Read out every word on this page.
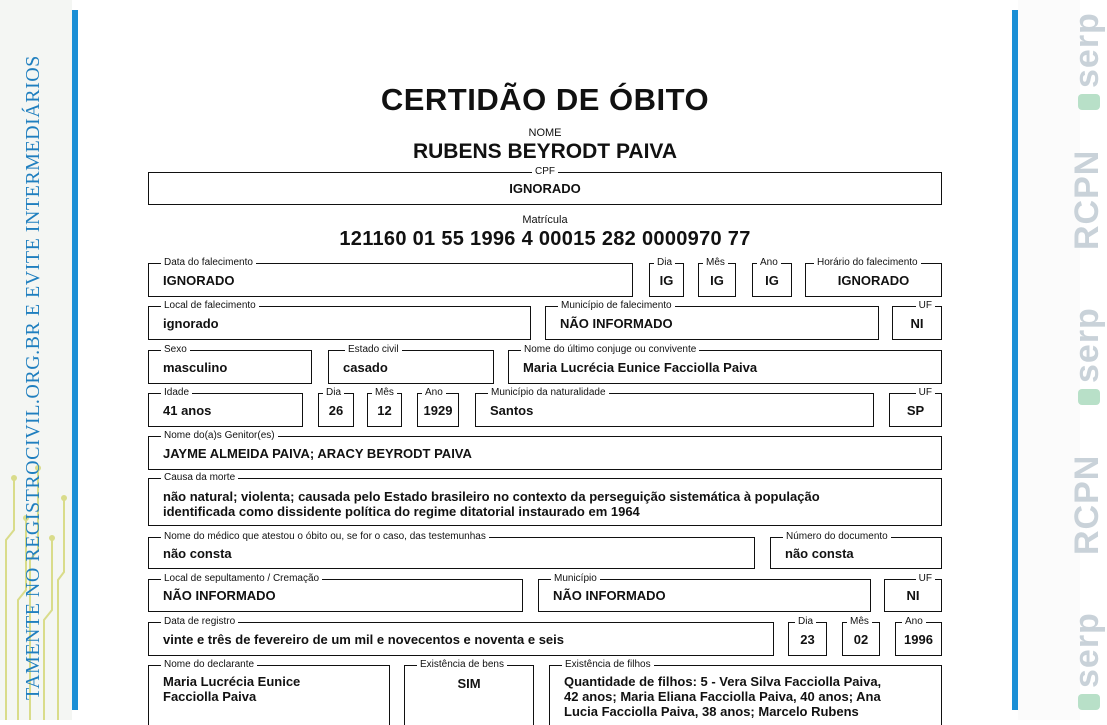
TAMENTE NO REGISTROCIVIL.ORG.BR E EVITE INTERMEDIÁRIOS
serp
RCPN
serp
RCPN
serp
CERTIDÃO DE ÓBITO
NOME
RUBENS BEYRODT PAIVA
CPF
IGNORADO
Matrícula
121160 01 55 1996 4 00015 282 0000970 77
Data do falecimento
IGNORADO
Dia
IG
Mês
IG
Ano
IG
Horário do falecimento
IGNORADO
Local de falecimento
ignorado
Município de falecimento
NÃO INFORMADO
UF
NI
Sexo
masculino
Estado civil
casado
Nome do último conjuge ou convivente
Maria Lucrécia Eunice Facciolla Paiva
Idade
41 anos
Dia
26
Mês
12
Ano
1929
Município da naturalidade
Santos
UF
SP
Nome do(a)s Genitor(es)
JAYME ALMEIDA PAIVA; ARACY BEYRODT PAIVA
Causa da morte
não natural; violenta; causada pelo Estado brasileiro no contexto da perseguição sistemática à população
identificada como dissidente política do regime ditatorial instaurado em 1964
Nome do médico que atestou o óbito ou, se for o caso, das testemunhas
não consta
Número do documento
não consta
Local de sepultamento / Cremação
NÃO INFORMADO
Município
NÃO INFORMADO
UF
NI
Data de registro
vinte e três de fevereiro de um mil e novecentos e noventa e seis
Dia
23
Mês
02
Ano
1996
Nome do declarante
Maria Lucrécia Eunice
Facciolla Paiva
Existência de bens
SIM
Existência de filhos
Quantidade de filhos: 5 - Vera Silva Facciolla Paiva,
42 anos; Maria Eliana Facciolla Paiva, 40 anos; Ana
Lucia Facciolla Paiva, 38 anos; Marcelo Rubens
